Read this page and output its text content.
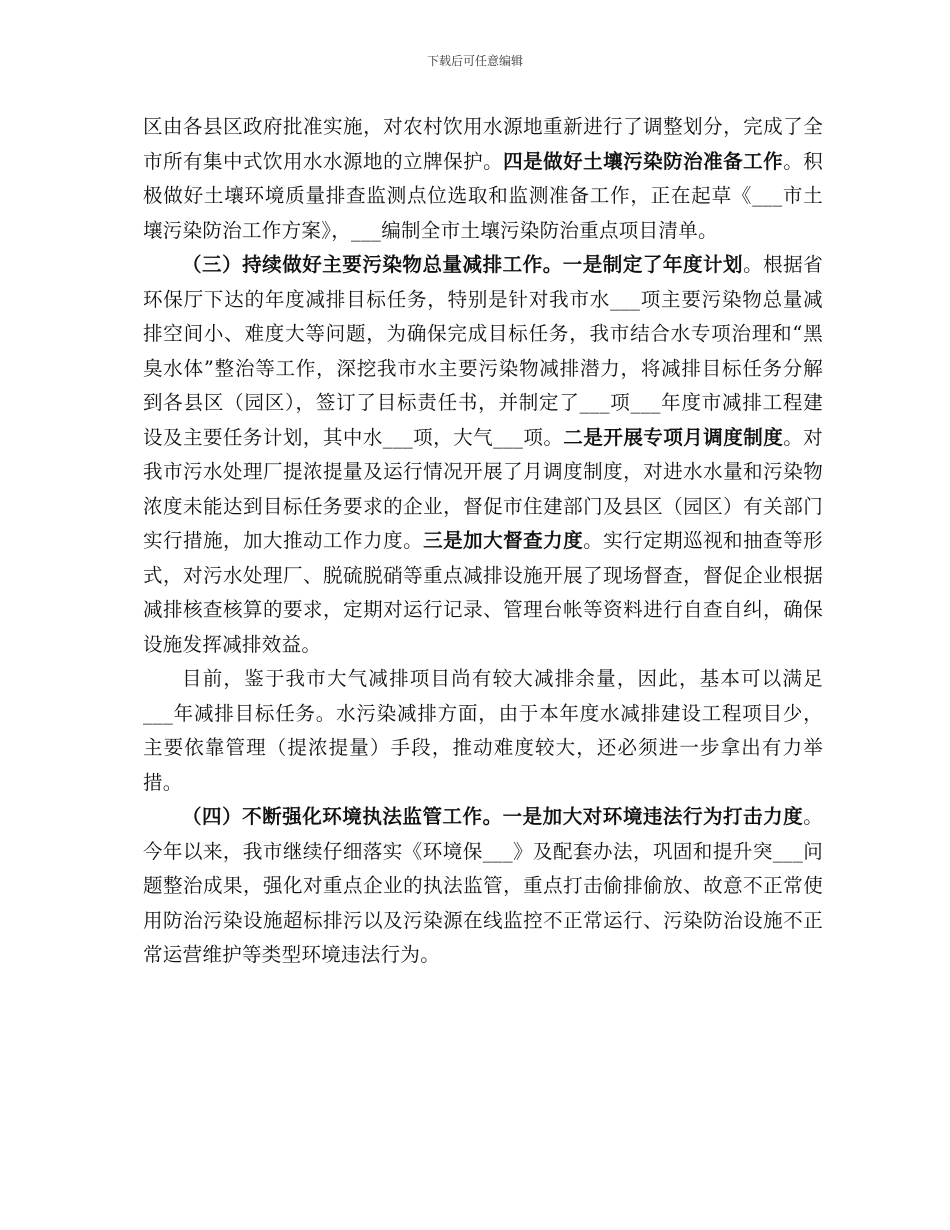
下载后可任意编辑

区由各县区政府批准实施，对农村饮用水源地重新进行了调整划分，完成了全市所有集中式饮用水水源地的立牌保护。四是做好土壤污染防治准备工作。积极做好土壤环境质量排查监测点位选取和监测准备工作，正在起草《___市土壤污染防治工作方案》，___编制全市土壤污染防治重点项目清单。

（三）持续做好主要污染物总量减排工作。一是制定了年度计划。根据省环保厅下达的年度减排目标任务，特别是针对我市水___项主要污染物总量减排空间小、难度大等问题，为确保完成目标任务，我市结合水专项治理和“黑臭水体”整治等工作，深挖我市水主要污染物减排潜力，将减排目标任务分解到各县区（园区），签订了目标责任书，并制定了___项___年度市减排工程建设及主要任务计划，其中水___项，大气___项。二是开展专项月调度制度。对我市污水处理厂提浓提量及运行情况开展了月调度制度，对进水水量和污染物浓度未能达到目标任务要求的企业，督促市住建部门及县区（园区）有关部门实行措施，加大推动工作力度。三是加大督查力度。实行定期巡视和抽查等形式，对污水处理厂、脱硫脱硝等重点减排设施开展了现场督查，督促企业根据减排核查核算的要求，定期对运行记录、管理台帐等资料进行自查自纠，确保设施发挥减排效益。

目前，鉴于我市大气减排项目尚有较大减排余量，因此，基本可以满足___年减排目标任务。水污染减排方面，由于本年度水减排建设工程项目少，主要依靠管理（提浓提量）手段，推动难度较大，还必须进一步拿出有力举措。

（四）不断强化环境执法监管工作。一是加大对环境违法行为打击力度。今年以来，我市继续仔细落实《环境保___》及配套办法，巩固和提升突___问题整治成果，强化对重点企业的执法监管，重点打击偷排偷放、故意不正常使用防治污染设施超标排污以及污染源在线监控不正常运行、污染防治设施不正常运营维护等类型环境违法行为。
